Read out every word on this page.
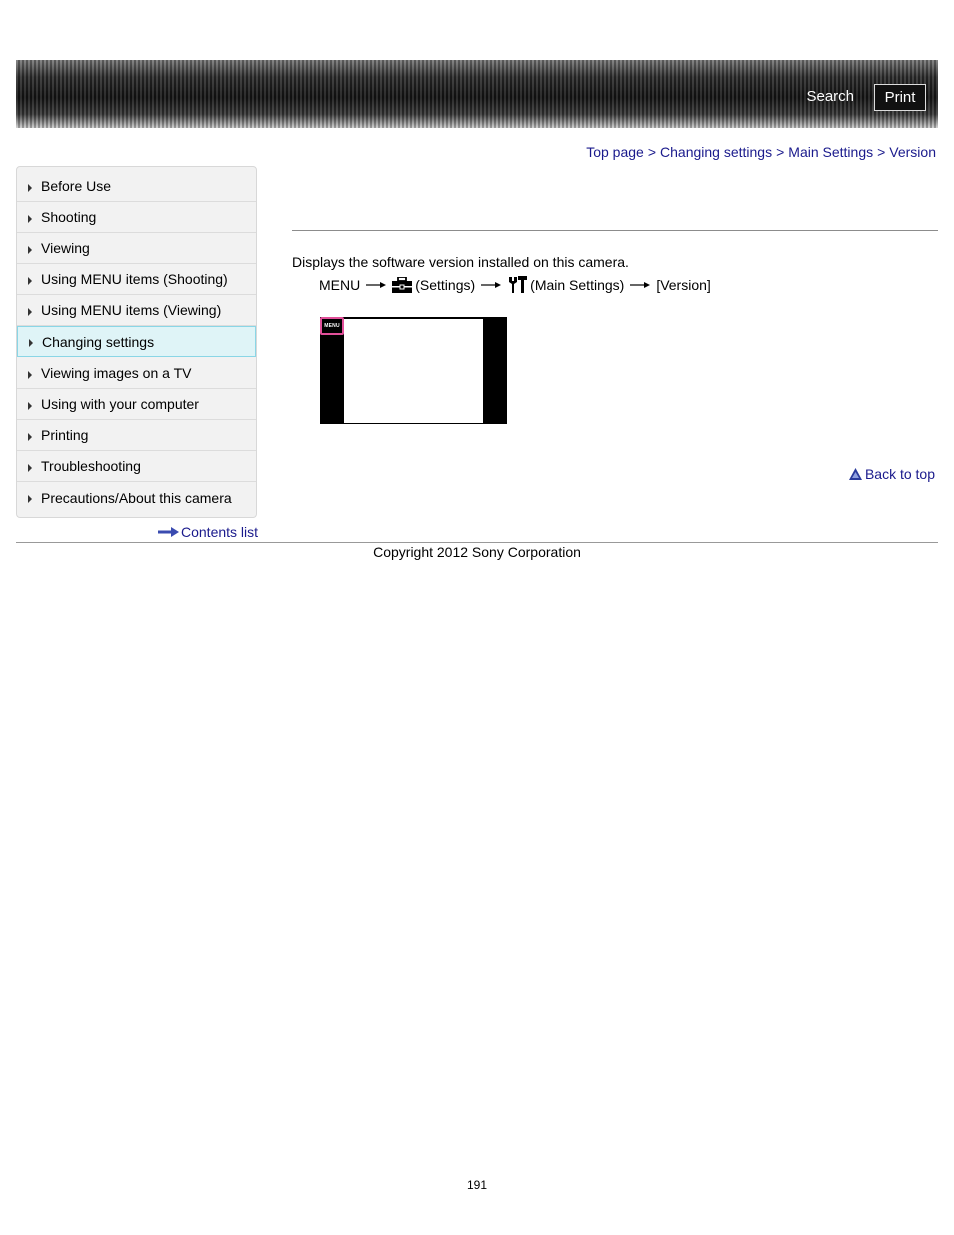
Search	Print
Top page > Changing settings > Main Settings > Version
Before Use
Shooting
Viewing
Using MENU items (Shooting)
Using MENU items (Viewing)
Changing settings
Viewing images on a TV
Using with your computer
Printing
Troubleshooting
Precautions/About this camera
Contents list
Displays the software version installed on this camera.
MENU	(Settings)	(Main Settings) [Version]
MENU
Back to top
Copyright 2012 Sony Corporation
191
